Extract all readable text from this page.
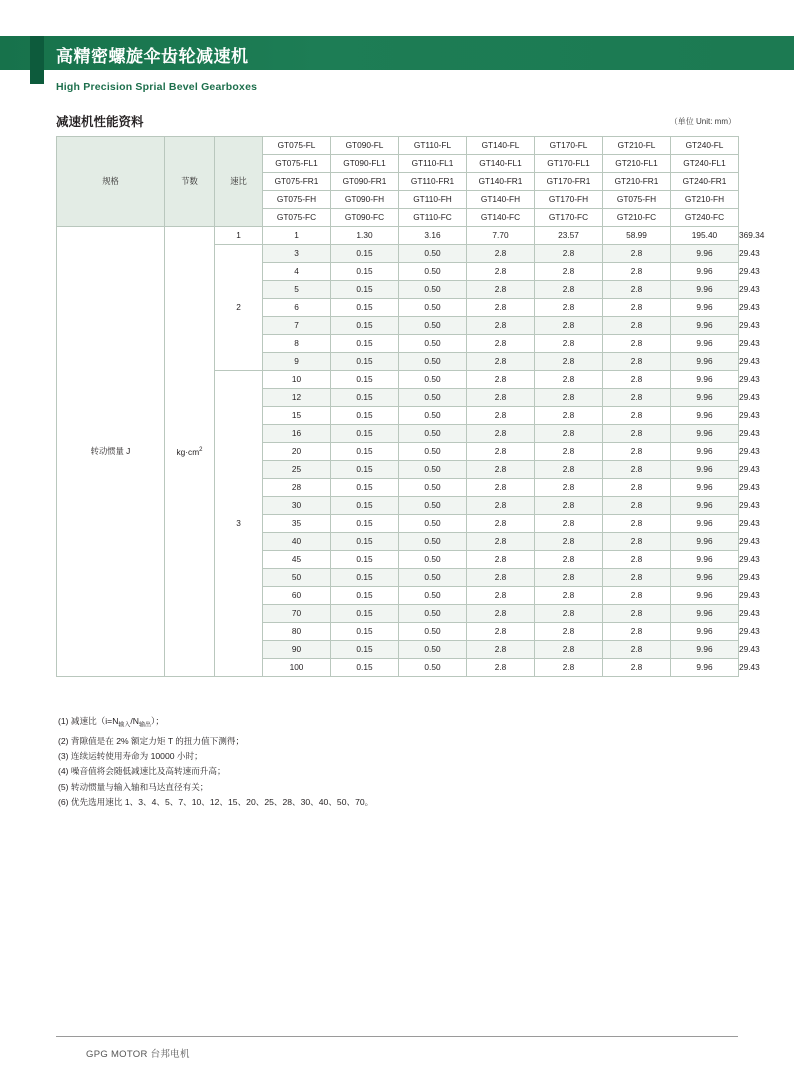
高精密螺旋伞齿轮减速机
High Precision Sprial Bevel Gearboxes
减速机性能资料	（单位 Unit: mm）
规格	节数	速比	GT075-FL	GT090-FL	GT110-FL	GT140-FL	GT170-FL	GT210-FL	GT240-FL	
			GT075-FL1	GT090-FL1	GT110-FL1	GT140-FL1	GT170-FL1	GT210-FL1	GT240-FL1	
			GT075-FR1	GT090-FR1	GT110-FR1	GT140-FR1	GT170-FR1	GT210-FR1	GT240-FR1	
			GT075-FH	GT090-FH	GT110-FH	GT140-FH	GT170-FH	GT075-FH	GT210-FH	
			GT075-FC	GT090-FC	GT110-FC	GT140-FC	GT170-FC	GT210-FC	GT240-FC	
转动惯量 J	$kg\cdot cm^2$	1	1	1.30	3.16	7.70	23.57	58.99	195.40	369.34
		2	3	0.15	0.50	2.8	2.8	2.8	9.96	29.43
			4	0.15	0.50	2.8	2.8	2.8	9.96	29.43
			5	0.15	0.50	2.8	2.8	2.8	9.96	29.43
			6	0.15	0.50	2.8	2.8	2.8	9.96	29.43
			7	0.15	0.50	2.8	2.8	2.8	9.96	29.43
			8	0.15	0.50	2.8	2.8	2.8	9.96	29.43
			9	0.15	0.50	2.8	2.8	2.8	9.96	29.43
		3	10	0.15	0.50	2.8	2.8	2.8	9.96	29.43
			12	0.15	0.50	2.8	2.8	2.8	9.96	29.43
			15	0.15	0.50	2.8	2.8	2.8	9.96	29.43
			16	0.15	0.50	2.8	2.8	2.8	9.96	29.43
			20	0.15	0.50	2.8	2.8	2.8	9.96	29.43
			25	0.15	0.50	2.8	2.8	2.8	9.96	29.43
			28	0.15	0.50	2.8	2.8	2.8	9.96	29.43
			30	0.15	0.50	2.8	2.8	2.8	9.96	29.43
			35	0.15	0.50	2.8	2.8	2.8	9.96	29.43
			40	0.15	0.50	2.8	2.8	2.8	9.96	29.43
			45	0.15	0.50	2.8	2.8	2.8	9.96	29.43
			50	0.15	0.50	2.8	2.8	2.8	9.96	29.43
			60	0.15	0.50	2.8	2.8	2.8	9.96	29.43
			70	0.15	0.50	2.8	2.8	2.8	9.96	29.43
			80	0.15	0.50	2.8	2.8	2.8	9.96	29.43
			90	0.15	0.50	2.8	2.8	2.8	9.96	29.43
			100	0.15	0.50	2.8	2.8	2.8	9.96	29.43
(1) 减速比$(i=N_{输入}/N_{输出})$；
(2) 背隙值是在 2% 额定力矩 T 的扭力值下测得；
(3) 连续运转使用寿命为 10000 小时；
(4) 噪音值将会随低减速比及高转速而升高；
(5) 转动惯量与输入轴和马达直径有关；
(6) 优先选用速比 1、3、4、5、7、10、12、15、20、25、28、30、40、50、70。
GPG MOTOR 台邦电机
